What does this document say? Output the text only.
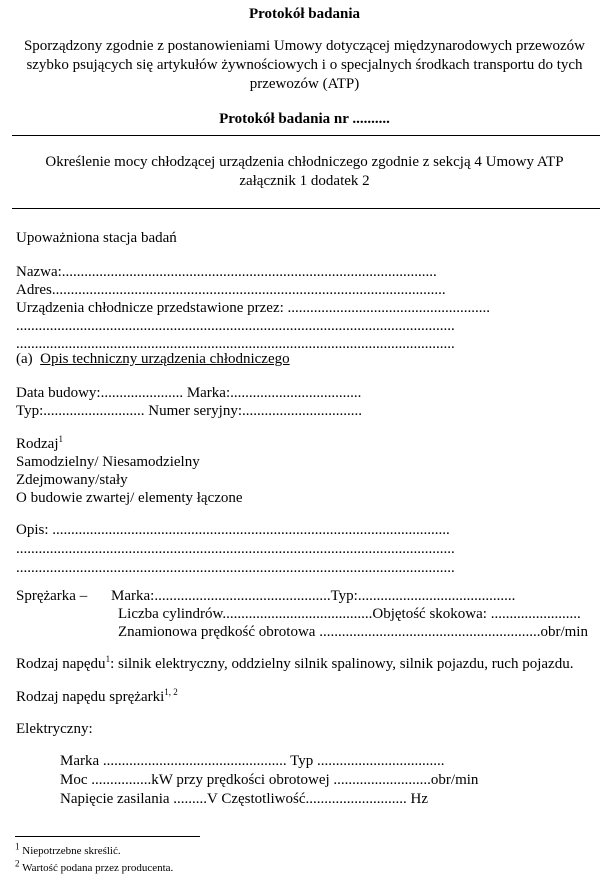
Protokół badania
Sporządzony zgodnie z postanowieniami Umowy dotyczącej międzynarodowych przewozów
szybko psujących się artykułów żywnościowych i o specjalnych środkach transportu do tych
przewozów (ATP)
Protokół badania nr ..........
Określenie mocy chłodzącej urządzenia chłodniczego zgodnie z sekcją 4 Umowy ATP
załącznik 1 dodatek 2
Upoważniona stacja badań
Nazwa:....................................................................................................
Adres.........................................................................................................
Urządzenia chłodnicze przedstawione przez: ......................................................
.....................................................................................................................
.....................................................................................................................
(a) Opis techniczny urządzenia chłodniczego
Data budowy:...................... Marka:...................................
Typ:........................... Numer seryjny:................................
Rodzaj$^1$
Samodzielny/ Niesamodzielny
Zdejmowany/stały
O budowie zwartej/ elementy łączone
Opis: ..........................................................................................................
.....................................................................................................................
.....................................................................................................................
Sprężarka – Marka:...............................................Typ:..........................................
Liczba cylindrów........................................Objętość skokowa: ........................
Znamionowa prędkość obrotowa ...........................................................obr/min
Rodzaj napędu$^1$: silnik elektryczny, oddzielny silnik spalinowy, silnik pojazdu, ruch pojazdu.
Rodzaj napędu sprężarki$^{1, 2}$
Elektryczny:
Marka ................................................. Typ ..................................
Moc ................kW przy prędkości obrotowej ..........................obr/min
Napięcie zasilania .........V Częstotliwość........................... Hz
$^1$ Niepotrzebne skreślić.
$^2$ Wartość podana przez producenta.
